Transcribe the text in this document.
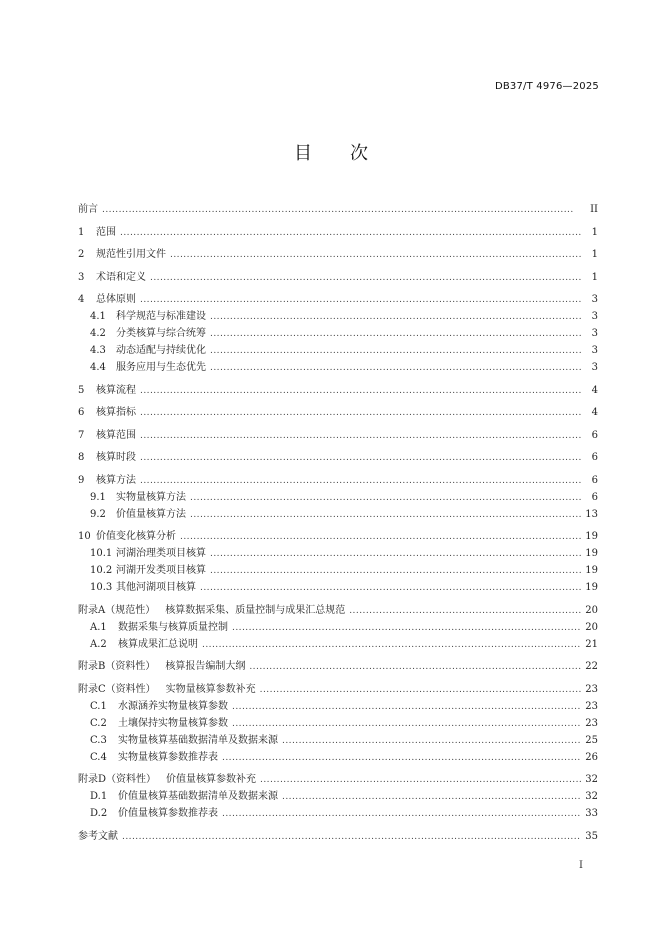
DB37/T 4976—2025
目 次
前言 . . .	II
1	范围 . . .	1
2	规范性引用文件 . . .	1
3	术语和定义 . . .	1
4	总体原则 . . .	3
4.1	科学规范与标准建设 . . .	3
4.2	分类核算与综合统筹 . . .	3
4.3	动态适配与持续优化 . . .	3
4.4	服务应用与生态优先 . . .	3
5	核算流程 . . .	4
6	核算指标 . . .	4
7	核算范围 . . .	6
8	核算时段 . . .	6
9	核算方法 . . .	6
9.1	实物量核算方法 . . .	6
9.2	价值量核算方法 . . .	13
10 价值变化核算分析 . . .	19
10.1 河湖治理类项目核算 . . .	19
10.2 河湖开发类项目核算 . . .	19
10.3 其他河湖项目核算 . . .	19
附录A（规范性） 核算数据采集、质量控制与成果汇总规范 . . .	20
A.1	数据采集与核算质量控制 . . .	20
A.2	核算成果汇总说明 . . .	21
附录B（资料性） 核算报告编制大纲 . . .	22
附录C（资料性） 实物量核算参数补充 . . .	23
C.1	水源涵养实物量核算参数 . . .	23
C.2	土壤保持实物量核算参数 . . .	23
C.3	实物量核算基础数据清单及数据来源 . . .	25
C.4	实物量核算参数推荐表 . . .	26
附录D（资料性） 价值量核算参数补充 . . .	32
D.1	价值量核算基础数据清单及数据来源 . . .	32
D.2	价值量核算参数推荐表 . . .	33
参考文献 . . .	35
I
